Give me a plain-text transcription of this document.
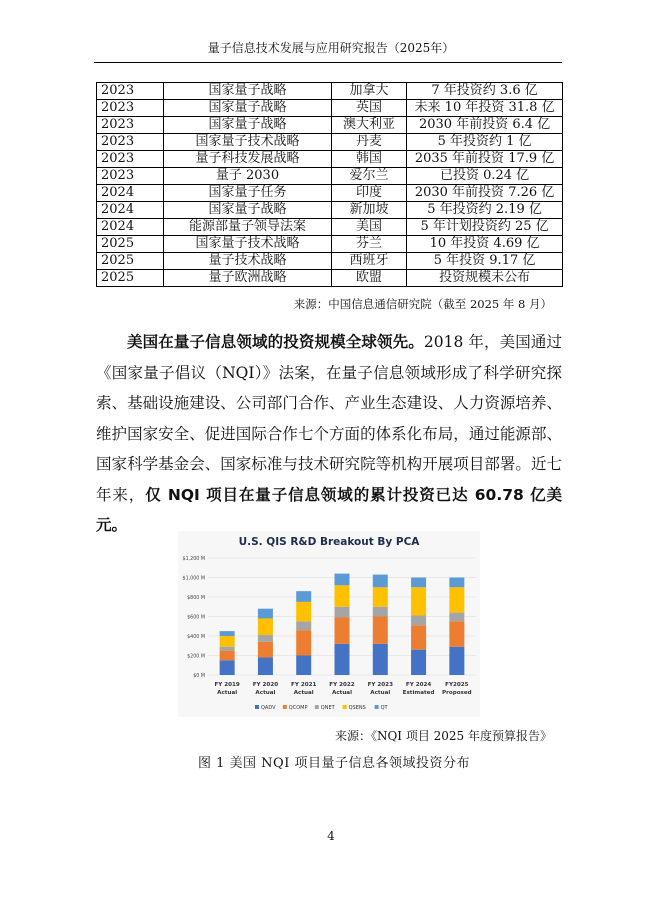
量子信息技术发展与应用研究报告（2025年）
2023	国家量子战略	加拿大	7 年投资约 3.6 亿
2023	国家量子战略	英国	未来 10 年投资 31.8 亿
2023	国家量子战略	澳大利亚	2030 年前投资 6.4 亿
2023	国家量子技术战略	丹麦	5 年投资约 1 亿
2023	量子科技发展战略	韩国	2035 年前投资 17.9 亿
2023	量子 2030	爱尔兰	已投资 0.24 亿
2024	国家量子任务	印度	2030 年前投资 7.26 亿
2024	国家量子战略	新加坡	5 年投资约 2.19 亿
2024	能源部量子领导法案	美国	5 年计划投资约 25 亿
2025	国家量子技术战略	芬兰	10 年投资 4.69 亿
2025	量子技术战略	西班牙	5 年投资 9.17 亿
2025	量子欧洲战略	欧盟	投资规模未公布
来源：中国信息通信研究院（截至 2025 年 8 月）
美国在量子信息领域的投资规模全球领先。2018 年，美国通过《国家量子倡议（NQI）》法案，在量子信息领域形成了科学研究探索、基础设施建设、公司部门合作、产业生态建设、人力资源培养、维护国家安全、促进国际合作七个方面的体系化布局，通过能源部、国家科学基金会、国家标准与技术研究院等机构开展项目部署。近七年来，仅 NQI 项目在量子信息领域的累计投资已达 60.78 亿美元。
U.S. QIS R&D Breakout By PCA
$0 M
$200 M
$400 M
$600 M
$800 M
$1,000 M
$1,200 M
FY 2019
Actual
FY 2020
Actual
FY 2021
Actual
FY 2022
Actual
FY 2023
Actual
FY 2024
Estimated
FY2025
Proposed
QADV	QCOMP	QNET	QSENS	QT
来源：《NQI 项目 2025 年度预算报告》
图 1 美国 NQI 项目量子信息各领域投资分布
4
